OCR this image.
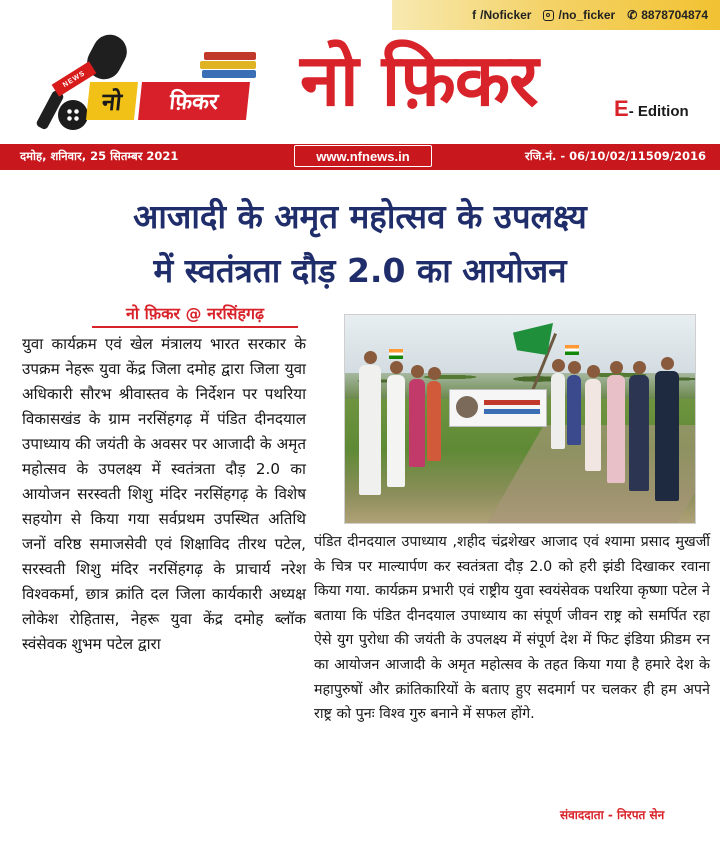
f /Noficker /no_ficker ✆ 8878704874
NEWS
नो	फ़िकर	नो फ़िकर	E- Edition
दमोह, शनिवार, 25 सितम्बर 2021	www.nfnews.in	रजि.नं. - 06/10/02/11509/2016
आजादी के अमृत महोत्सव के उपलक्ष्य
में स्वतंत्रता दौड़ 2.0 का आयोजन
नो फ़िकर @ नरसिंहगढ़
युवा कार्यक्रम एवं खेल मंत्रालय भारत सरकार के उपक्रम नेहरू युवा केंद्र जिला दमोह द्वारा जिला युवा अधिकारी सौरभ श्रीवास्तव के निर्देशन पर पथरिया विकासखंड के ग्राम नरसिंहगढ़ में पंडित दीनदयाल उपाध्याय की जयंती के अवसर पर आजादी के अमृत महोत्सव के उपलक्ष्य में स्वतंत्रता दौड़ 2.0 का आयोजन सरस्वती शिशु मंदिर नरसिंहगढ़ के विशेष सहयोग से किया गया सर्वप्रथम उपस्थित अतिथि जनों वरिष्ठ समाजसेवी एवं शिक्षाविद तीरथ पटेल, सरस्वती शिशु मंदिर नरसिंहगढ़ के प्राचार्य नरेश विश्वकर्मा, छात्र क्रांति दल जिला कार्यकारी अध्यक्ष लोकेश रोहितास, नेहरू युवा केंद्र दमोह ब्लॉक स्वंसेवक शुभम पटेल द्वारा
पंडित दीनदयाल उपाध्याय ,शहीद चंद्रशेखर आजाद एवं श्यामा प्रसाद मुखर्जी के चित्र पर माल्यार्पण कर स्वतंत्रता दौड़ 2.0 को हरी झंडी दिखाकर रवाना किया गया. कार्यक्रम प्रभारी एवं राष्ट्रीय युवा स्वयंसेवक पथरिया कृष्णा पटेल ने बताया कि पंडित दीनदयाल उपाध्याय का संपूर्ण जीवन राष्ट्र को समर्पित रहा ऐसे युग पुरोधा की जयंती के उपलक्ष्य में संपूर्ण देश में फिट इंडिया फ्रीडम रन का आयोजन आजादी के अमृत महोत्सव के तहत किया गया है हमारे देश के महापुरुषों और क्रांतिकारियों के बताए हुए सदमार्ग पर चलकर ही हम अपने राष्ट्र को पुनः विश्व गुरु बनाने में सफल होंगे.
संवाददाता - निरपत सेन
